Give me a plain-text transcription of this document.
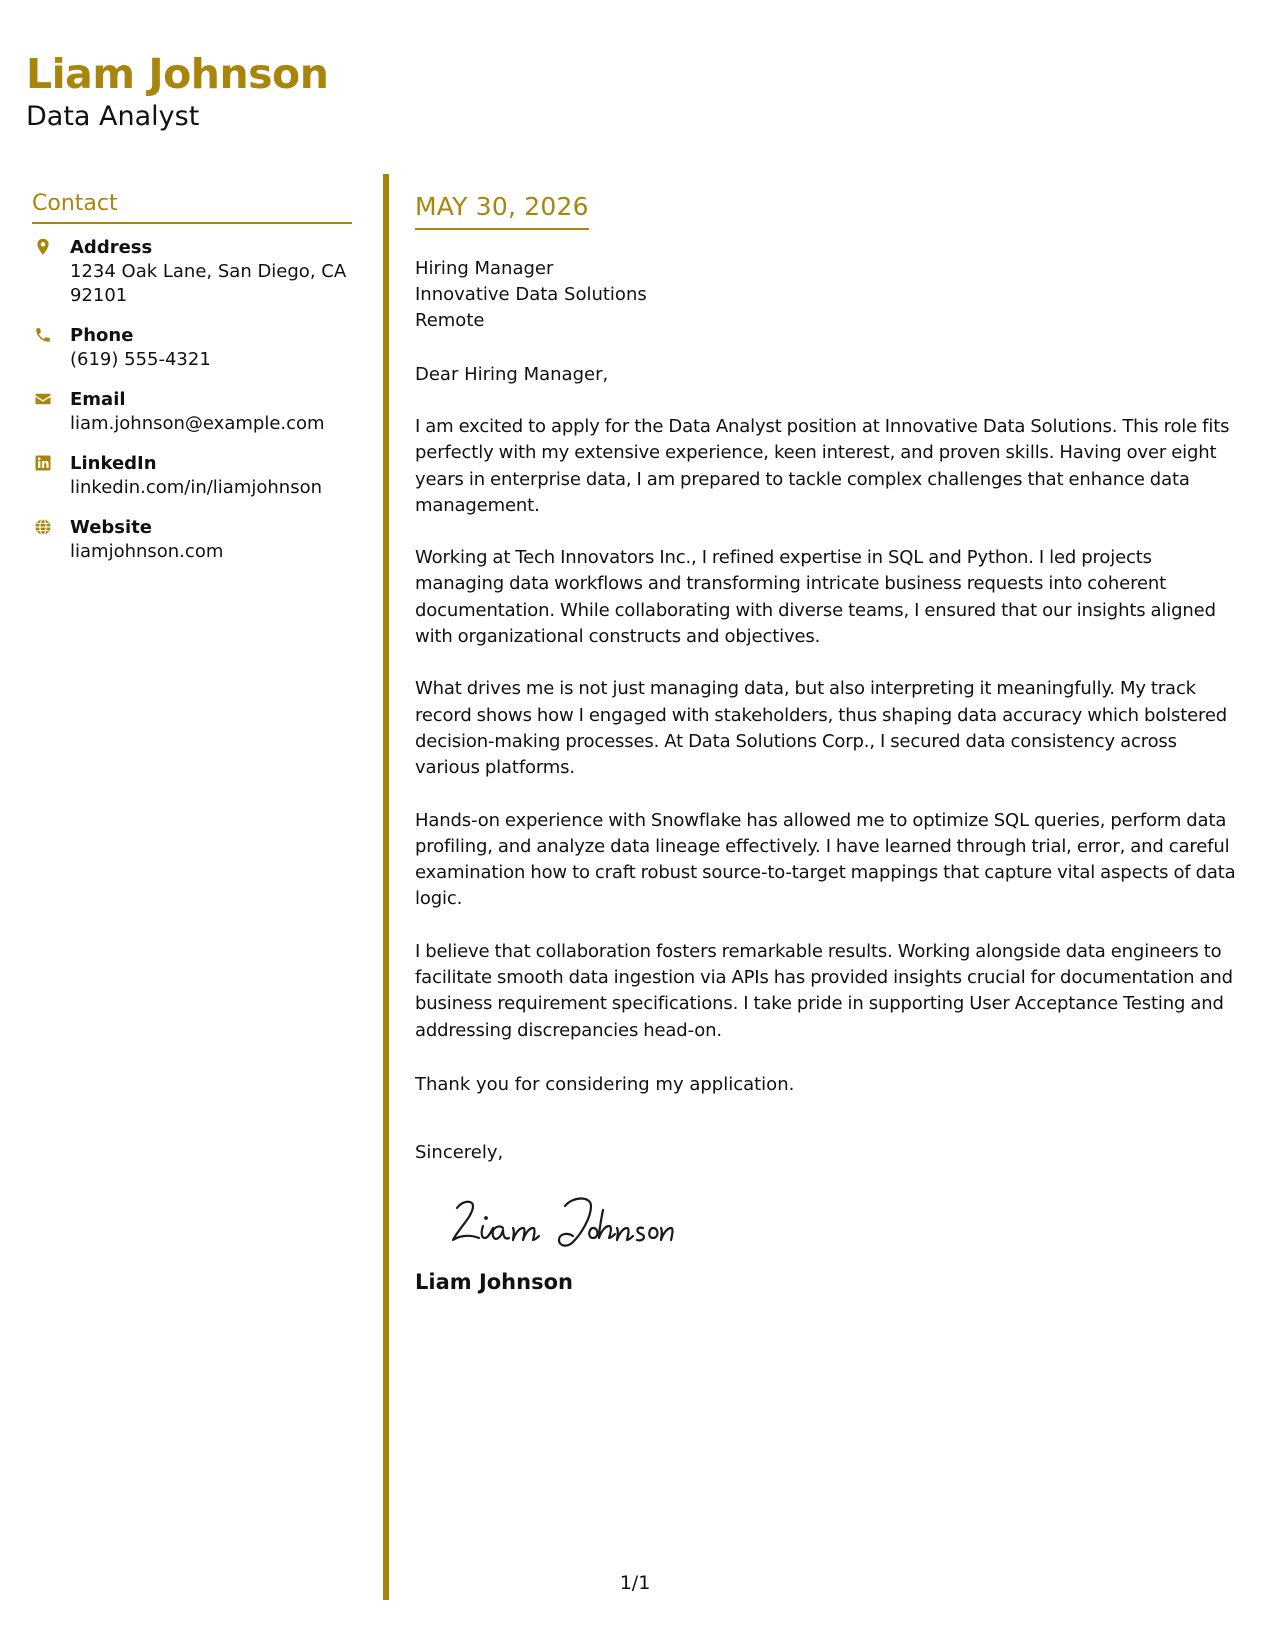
Liam Johnson
Data Analyst
Contact
Address
1234 Oak Lane, San Diego, CA 92101
Phone
(619) 555-4321
Email
liam.johnson@example.com
LinkedIn
linkedin.com/in/liamjohnson
Website
liamjohnson.com
MAY 30, 2026
Hiring Manager
Innovative Data Solutions
Remote
Dear Hiring Manager,
I am excited to apply for the Data Analyst position at Innovative Data Solutions. This role fits perfectly with my extensive experience, keen interest, and proven skills. Having over eight years in enterprise data, I am prepared to tackle complex challenges that enhance data management.
Working at Tech Innovators Inc., I refined expertise in SQL and Python. I led projects managing data workflows and transforming intricate business requests into coherent documentation. While collaborating with diverse teams, I ensured that our insights aligned with organizational constructs and objectives.
What drives me is not just managing data, but also interpreting it meaningfully. My track record shows how I engaged with stakeholders, thus shaping data accuracy which bolstered decision-making processes. At Data Solutions Corp., I secured data consistency across various platforms.
Hands-on experience with Snowflake has allowed me to optimize SQL queries, perform data profiling, and analyze data lineage effectively. I have learned through trial, error, and careful examination how to craft robust source-to-target mappings that capture vital aspects of data logic.
I believe that collaboration fosters remarkable results. Working alongside data engineers to facilitate smooth data ingestion via APIs has provided insights crucial for documentation and business requirement specifications. I take pride in supporting User Acceptance Testing and addressing discrepancies head-on.
Thank you for considering my application.
Sincerely,
Liam Johnson
1/1
